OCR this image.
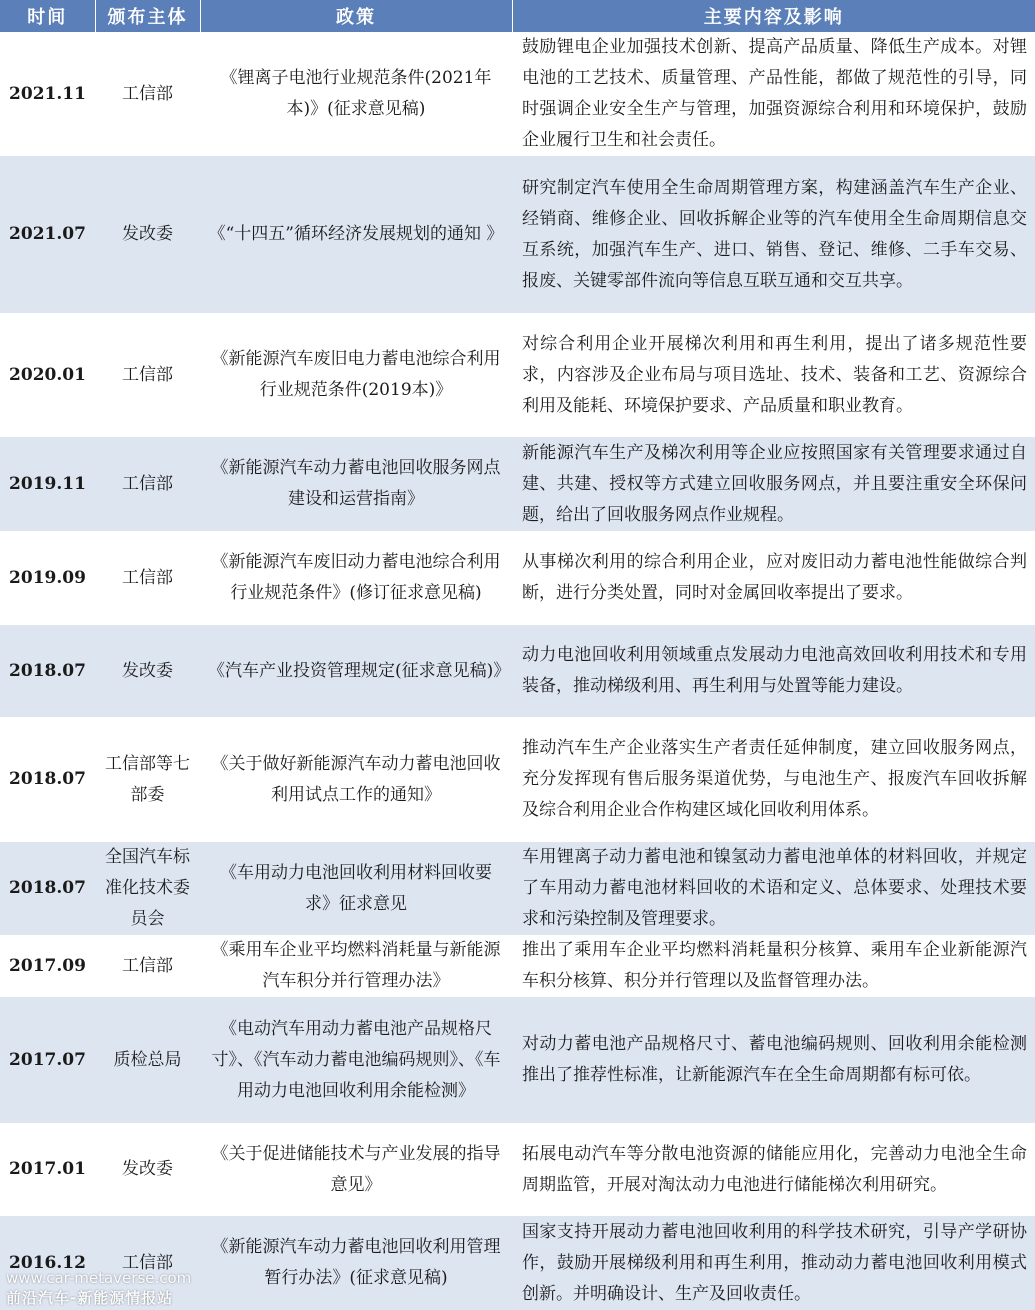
时间	颁布主体	政策	主要内容及影响
2021.11	工信部	《锂离子电池行业规范条件(2021年本)》(征求意见稿)	鼓励锂电企业加强技术创新、提高产品质量、降低生产成本。对锂电池的工艺技术、质量管理、产品性能，都做了规范性的引导，同时强调企业安全生产与管理，加强资源综合利用和环境保护，鼓励企业履行卫生和社会责任。
2021.07	发改委	《“十四五”循环经济发展规划的通知 》	研究制定汽车使用全生命周期管理方案，构建涵盖汽车生产企业、经销商、维修企业、回收拆解企业等的汽车使用全生命周期信息交互系统，加强汽车生产、进口、销售、登记、维修、二手车交易、报废、关键零部件流向等信息互联互通和交互共享。
2020.01	工信部	《新能源汽车废旧电力蓄电池综合利用行业规范条件(2019本)》	对综合利用企业开展梯次利用和再生利用，提出了诸多规范性要求，内容涉及企业布局与项目选址、技术、装备和工艺、资源综合利用及能耗、环境保护要求、产品质量和职业教育。
2019.11	工信部	《新能源汽车动力蓄电池回收服务网点建设和运营指南》	新能源汽车生产及梯次利用等企业应按照国家有关管理要求通过自建、共建、授权等方式建立回收服务网点，并且要注重安全环保问题，给出了回收服务网点作业规程。
2019.09	工信部	《新能源汽车废旧动力蓄电池综合利用行业规范条件》(修订征求意见稿)	从事梯次利用的综合利用企业，应对废旧动力蓄电池性能做综合判断，进行分类处置，同时对金属回收率提出了要求。
2018.07	发改委	《汽车产业投资管理规定(征求意见稿)》	动力电池回收利用领域重点发展动力电池高效回收利用技术和专用装备，推动梯级利用、再生利用与处置等能力建设。
2018.07	工信部等七部委	《关于做好新能源汽车动力蓄电池回收利用试点工作的通知》	推动汽车生产企业落实生产者责任延伸制度，建立回收服务网点，充分发挥现有售后服务渠道优势，与电池生产、报废汽车回收拆解及综合利用企业合作构建区域化回收利用体系。
2018.07	全国汽车标准化技术委员会	《车用动力电池回收利用材料回收要求》征求意见	车用锂离子动力蓄电池和镍氢动力蓄电池单体的材料回收，并规定了车用动力蓄电池材料回收的术语和定义、总体要求、处理技术要求和污染控制及管理要求。
2017.09	工信部	《乘用车企业平均燃料消耗量与新能源汽车积分并行管理办法》	推出了乘用车企业平均燃料消耗量积分核算、乘用车企业新能源汽车积分核算、积分并行管理以及监督管理办法。
2017.07	质检总局	《电动汽车用动力蓄电池产品规格尺寸》、《汽车动力蓄电池编码规则》、《车用动力电池回收利用余能检测》	对动力蓄电池产品规格尺寸、蓄电池编码规则、回收利用余能检测推出了推荐性标准，让新能源汽车在全生命周期都有标可依。
2017.01	发改委	《关于促进储能技术与产业发展的指导意见》	拓展电动汽车等分散电池资源的储能应用化，完善动力电池全生命周期监管，开展对淘汰动力电池进行储能梯次利用研究。
2016.12	工信部	《新能源汽车动力蓄电池回收利用管理暂行办法》(征求意见稿)	国家支持开展动力蓄电池回收利用的科学技术研究，引导产学研协作，鼓励开展梯级利用和再生利用，推动动力蓄电池回收利用模式创新。并明确设计、生产及回收责任。
www.car-metaverse.com
前沿汽车-新能源情报站
